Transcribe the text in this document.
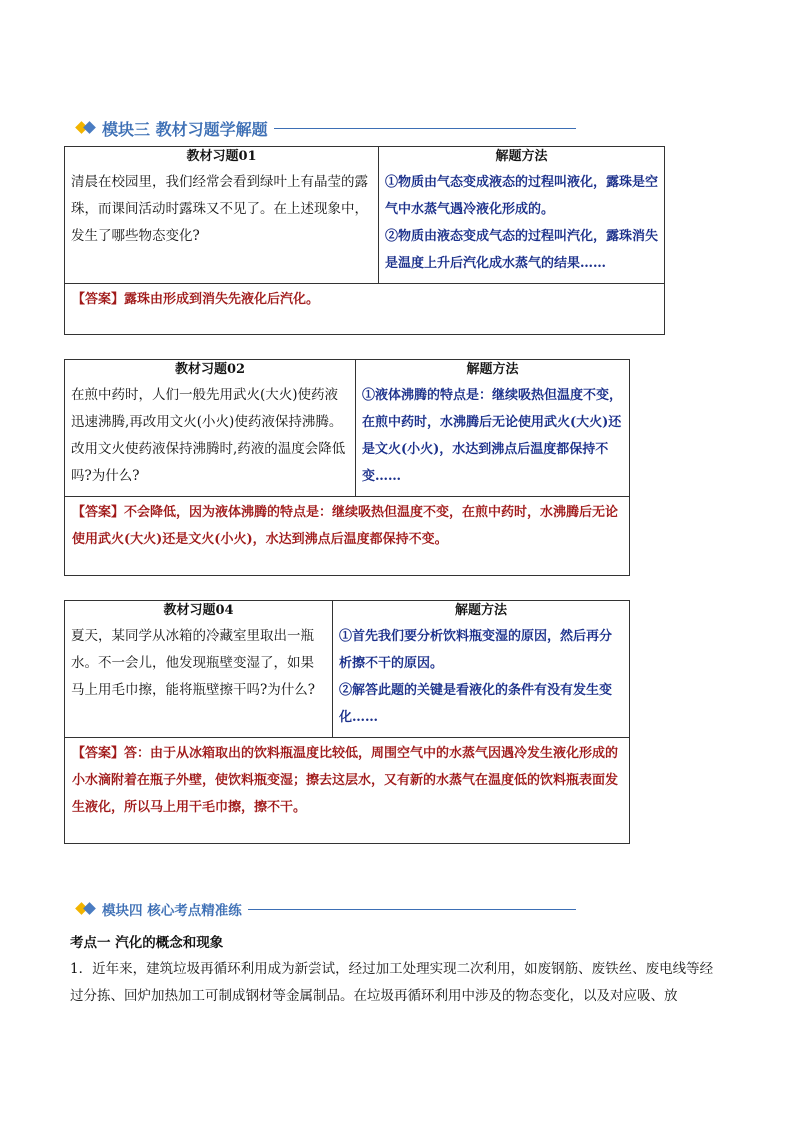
模块三 教材习题学解题
教材习题01
清晨在校园里，我们经常会看到绿叶上有晶莹的露珠，而课间活动时露珠又不见了。在上述现象中，发生了哪些物态变化?
解题方法
①物质由气态变成液态的过程叫液化，露珠是空气中水蒸气遇冷液化形成的。
②物质由液态变成气态的过程叫汽化，露珠消失是温度上升后汽化成水蒸气的结果……
【答案】露珠由形成到消失先液化后汽化。
教材习题02
在煎中药时，人们一般先用武火(大火)使药液迅速沸腾,再改用文火(小火)使药液保持沸腾。改用文火使药液保持沸腾时,药液的温度会降低吗?为什么?
解题方法
①液体沸腾的特点是：继续吸热但温度不变，在煎中药时，水沸腾后无论使用武火(大火)还是文火(小火)，水达到沸点后温度都保持不变……
【答案】不会降低，因为液体沸腾的特点是：继续吸热但温度不变，在煎中药时，水沸腾后无论使用武火(大火)还是文火(小火)，水达到沸点后温度都保持不变。
教材习题04
夏天，某同学从冰箱的冷藏室里取出一瓶水。不一会儿，他发现瓶壁变湿了，如果马上用毛巾擦，能将瓶壁擦干吗?为什么?
解题方法
①首先我们要分析饮料瓶变湿的原因，然后再分析擦不干的原因。
②解答此题的关键是看液化的条件有没有发生变化……
【答案】答：由于从冰箱取出的饮料瓶温度比较低，周围空气中的水蒸气因遇冷发生液化形成的小水滴附着在瓶子外壁，使饮料瓶变湿；擦去这层水，又有新的水蒸气在温度低的饮料瓶表面发生液化，所以马上用干毛巾擦，擦不干。
模块四 核心考点精准练
考点一 汽化的概念和现象
1．近年来，建筑垃圾再循环利用成为新尝试，经过加工处理实现二次利用，如废钢筋、废铁丝、废电线等经过分拣、回炉加热加工可制成钢材等金属制品。在垃圾再循环利用中涉及的物态变化，以及对应吸、放
